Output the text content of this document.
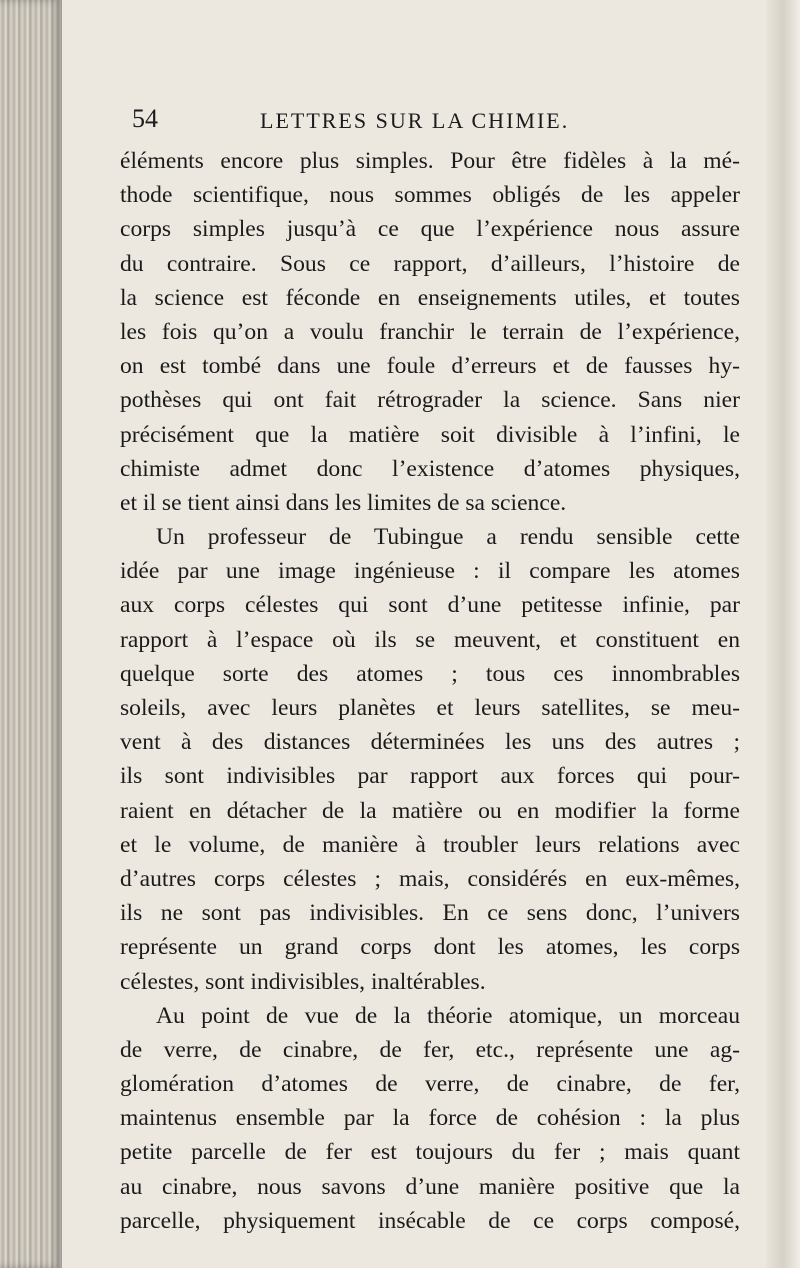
54	LETTRES SUR LA CHIMIE.
éléments encore plus simples. Pour être fidèles à la mé-
thode scientifique, nous sommes obligés de les appeler
corps simples jusqu’à ce que l’expérience nous assure
du contraire. Sous ce rapport, d’ailleurs, l’histoire de
la science est féconde en enseignements utiles, et toutes
les fois qu’on a voulu franchir le terrain de l’expérience,
on est tombé dans une foule d’erreurs et de fausses hy-
pothèses qui ont fait rétrograder la science. Sans nier
précisément que la matière soit divisible à l’infini, le
chimiste admet donc l’existence d’atomes physiques,
et il se tient ainsi dans les limites de sa science.
Un professeur de Tubingue a rendu sensible cette
idée par une image ingénieuse : il compare les atomes
aux corps célestes qui sont d’une petitesse infinie, par
rapport à l’espace où ils se meuvent, et constituent en
quelque sorte des atomes ; tous ces innombrables
soleils, avec leurs planètes et leurs satellites, se meu-
vent à des distances déterminées les uns des autres ;
ils sont indivisibles par rapport aux forces qui pour-
raient en détacher de la matière ou en modifier la forme
et le volume, de manière à troubler leurs relations avec
d’autres corps célestes ; mais, considérés en eux-mêmes,
ils ne sont pas indivisibles. En ce sens donc, l’univers
représente un grand corps dont les atomes, les corps
célestes, sont indivisibles, inaltérables.
Au point de vue de la théorie atomique, un morceau
de verre, de cinabre, de fer, etc., représente une ag-
glomération d’atomes de verre, de cinabre, de fer,
maintenus ensemble par la force de cohésion : la plus
petite parcelle de fer est toujours du fer ; mais quant
au cinabre, nous savons d’une manière positive que la
parcelle, physiquement insécable de ce corps composé,
